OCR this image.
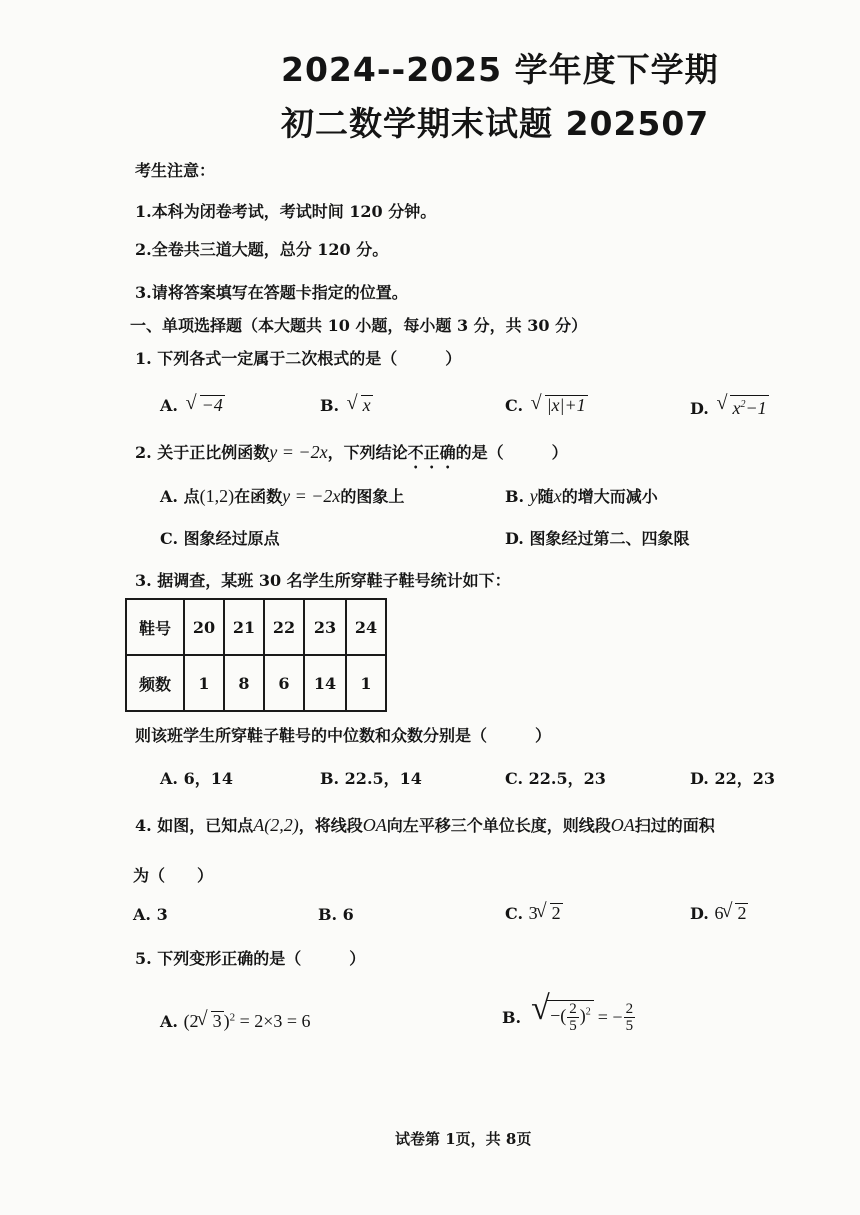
2024--2025 学年度下学期
初二数学期末试题 202507
考生注意：
1.本科为闭卷考试，考试时间 120 分钟。
2.全卷共三道大题，总分 120 分。
3.请将答案填写在答题卡指定的位置。
一、单项选择题（本大题共 10 小题，每小题 3 分，共 30 分）
1. 下列各式一定属于二次根式的是（　　　）
A. √ −4	B. √ x	C. √ |x|+1	D. √ $x^2-1$
2. 关于正比例函数y = −2x，下列结论不正确的是（　　　）
A. 点(1,2)在函数y = −2x的图象上	B. y随x的增大而减小
C. 图象经过原点	D. 图象经过第二、四象限
3. 据调查，某班 30 名学生所穿鞋子鞋号统计如下：
鞋号	20	21	22	23	24
频数	1	8	6	14	1
则该班学生所穿鞋子鞋号的中位数和众数分别是（　　　）
A. 6，14	B. 22.5，14	C. 22.5，23	D. 22，23
4. 如图，已知点A(2,2)，将线段OA向左平移三个单位长度，则线段OA扫过的面积
为（　　）
A. 3	B. 6	C. 3 √ 2	D. 6 √ 2
5. 下列变形正确的是（　　　）
A. (2 √ 3 )$^2$ = 2×3 = 6	B.	√ −( $\frac{2}{5} )^2$ = − $\frac{2}{5}$
试卷第 1页，共 8页
